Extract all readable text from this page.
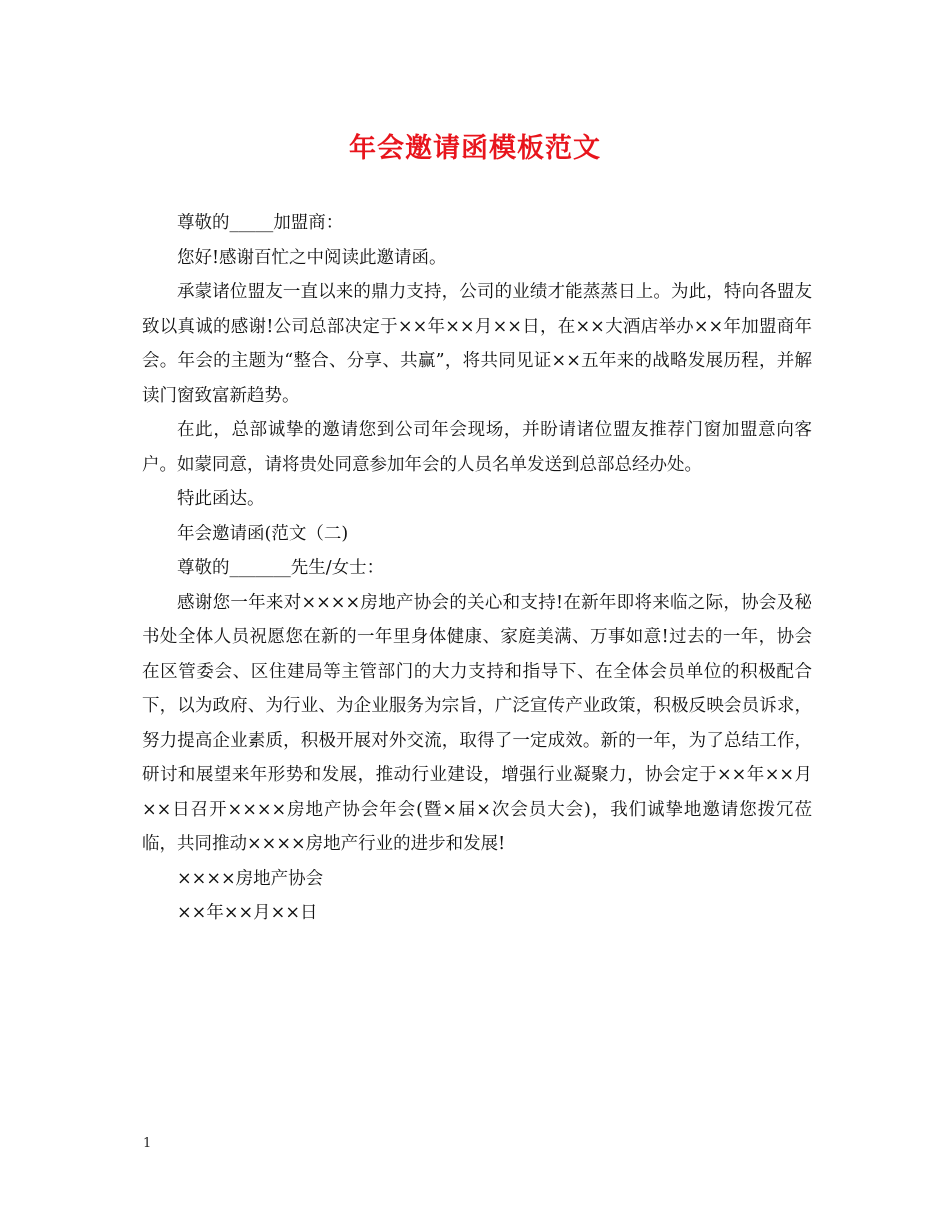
年会邀请函模板范文

尊敬的_____加盟商：

您好!感谢百忙之中阅读此邀请函。

承蒙诸位盟友一直以来的鼎力支持，公司的业绩才能蒸蒸日上。为此，特向各盟友致以真诚的感谢!公司总部决定于××年××月××日，在××大酒店举办××年加盟商年会。年会的主题为“整合、分享、共赢”，将共同见证××五年来的战略发展历程，并解读门窗致富新趋势。

在此，总部诚挚的邀请您到公司年会现场，并盼请诸位盟友推荐门窗加盟意向客户。如蒙同意，请将贵处同意参加年会的人员名单发送到总部总经办处。

特此函达。

年会邀请函(范文（二)

尊敬的_______先生/女士：

感谢您一年来对××××房地产协会的关心和支持!在新年即将来临之际，协会及秘书处全体人员祝愿您在新的一年里身体健康、家庭美满、万事如意!过去的一年，协会在区管委会、区住建局等主管部门的大力支持和指导下、在全体会员单位的积极配合下，以为政府、为行业、为企业服务为宗旨，广泛宣传产业政策，积极反映会员诉求，努力提高企业素质，积极开展对外交流，取得了一定成效。新的一年，为了总结工作，研讨和展望来年形势和发展，推动行业建设，增强行业凝聚力，协会定于××年××月××日召开××××房地产协会年会(暨×届×次会员大会)，我们诚挚地邀请您拨冗莅临，共同推动××××房地产行业的进步和发展!

××××房地产协会

××年××月××日

1
